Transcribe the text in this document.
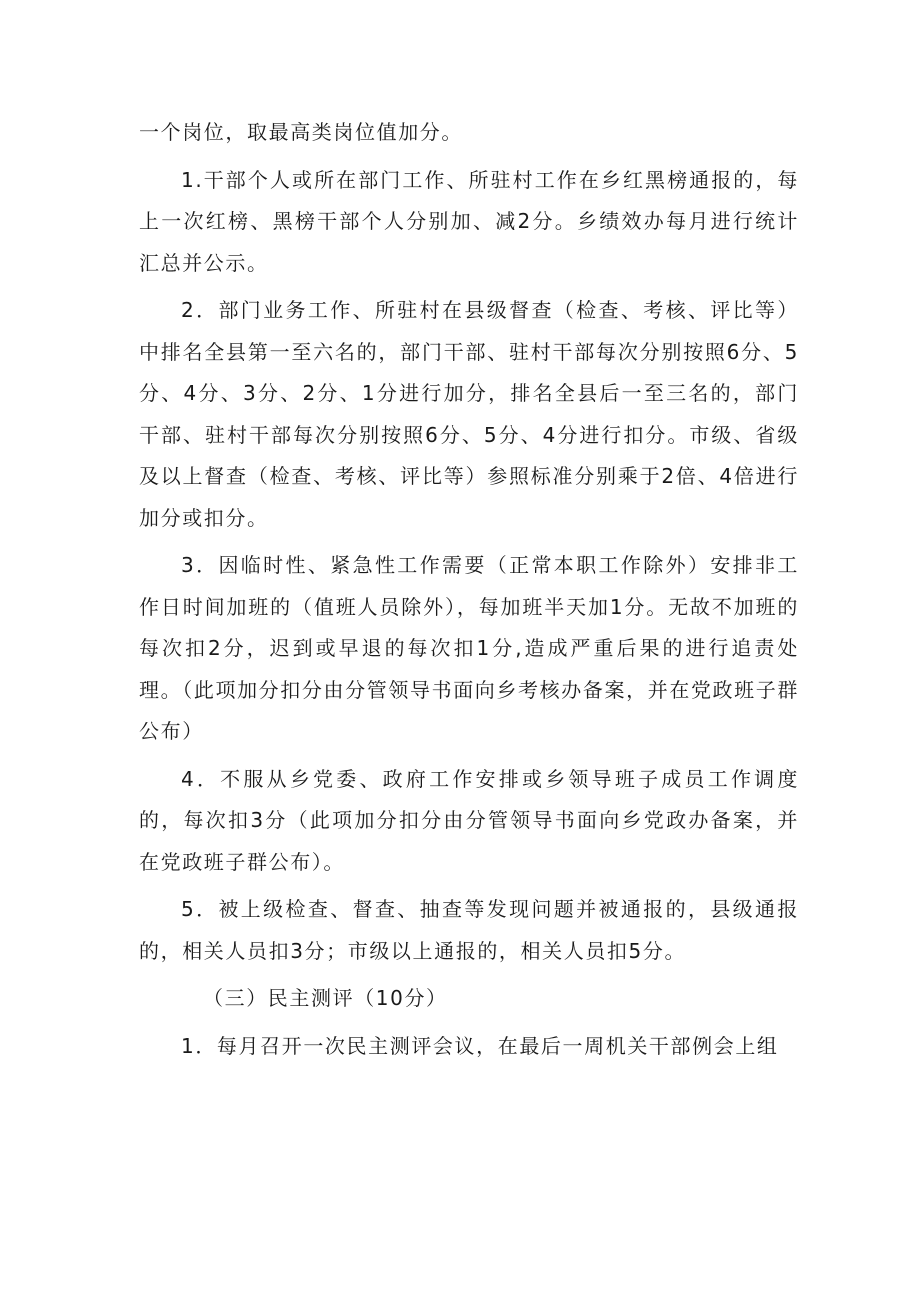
一个岗位，取最高类岗位值加分。

1.干部个人或所在部门工作、所驻村工作在乡红黑榜通报的，每上一次红榜、黑榜干部个人分别加、减2分。乡绩效办每月进行统计汇总并公示。

2．部门业务工作、所驻村在县级督查（检查、考核、评比等）中排名全县第一至六名的，部门干部、驻村干部每次分别按照6分、5分、4分、3分、2分、1分进行加分，排名全县后一至三名的，部门干部、驻村干部每次分别按照6分、5分、4分进行扣分。市级、省级及以上督查（检查、考核、评比等）参照标准分别乘于2倍、4倍进行加分或扣分。

3．因临时性、紧急性工作需要（正常本职工作除外）安排非工作日时间加班的（值班人员除外），每加班半天加1分。无故不加班的每次扣2分，迟到或早退的每次扣1分,造成严重后果的进行追责处理。（此项加分扣分由分管领导书面向乡考核办备案，并在党政班子群公布）

4．不服从乡党委、政府工作安排或乡领导班子成员工作调度的，每次扣3分（此项加分扣分由分管领导书面向乡党政办备案，并在党政班子群公布）。

5．被上级检查、督查、抽查等发现问题并被通报的，县级通报的，相关人员扣3分；市级以上通报的，相关人员扣5分。

（三）民主测评（10分）

1．每月召开一次民主测评会议，在最后一周机关干部例会上组
